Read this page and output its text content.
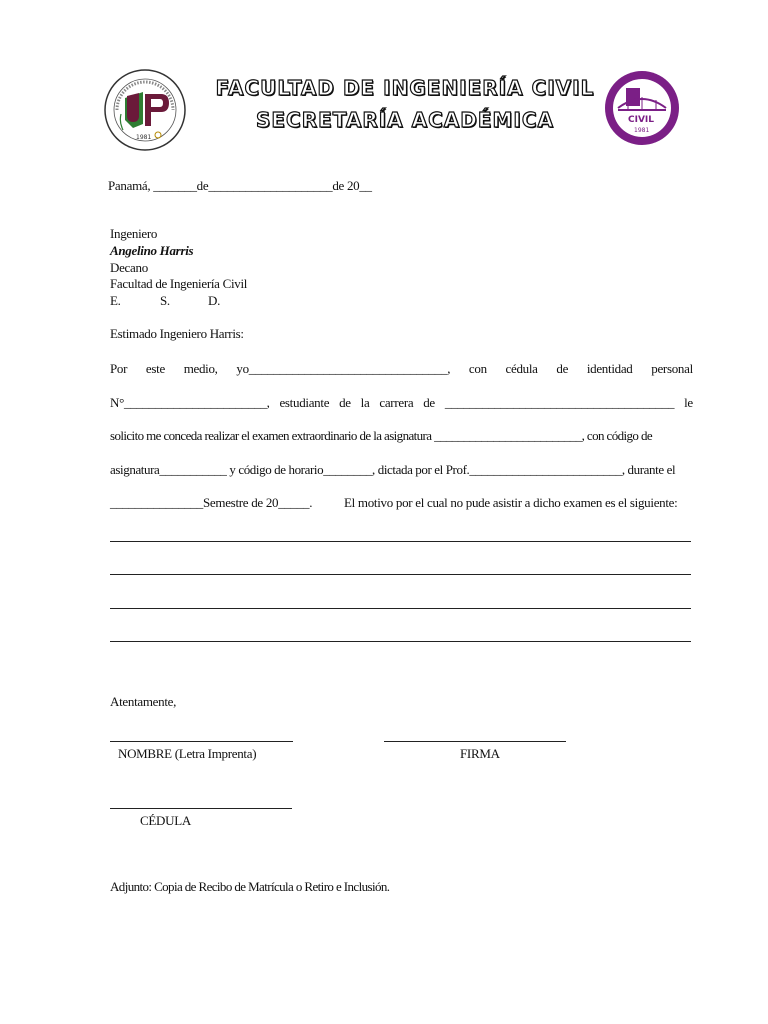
1981
FACULTAD DE INGENIERÍA CIVIL
SECRETARÍA ACADÉMICA	CIVIL
1981
Panamá, _______de____________________de 20__
Ingeniero
Angelino Harris
Decano
Facultad de Ingeniería Civil
E.	S.	D.
Estimado Ingeniero Harris:
Por este medio, yo________________________________, con cédula de identidad personal
N°_______________________, estudiante de la carrera de _____________________________________ le
solicito me conceda realizar el examen extraordinario de la asignatura _________________________, con código de
asignatura___________ y código de horario________, dictada por el Prof._________________________, durante el
_______________Semestre de 20_____. El motivo por el cual no pude asistir a dicho examen es el siguiente:
Atentamente,
NOMBRE (Letra Imprenta)	FIRMA
CÉDULA
Adjunto: Copia de Recibo de Matrícula o Retiro e Inclusión.
